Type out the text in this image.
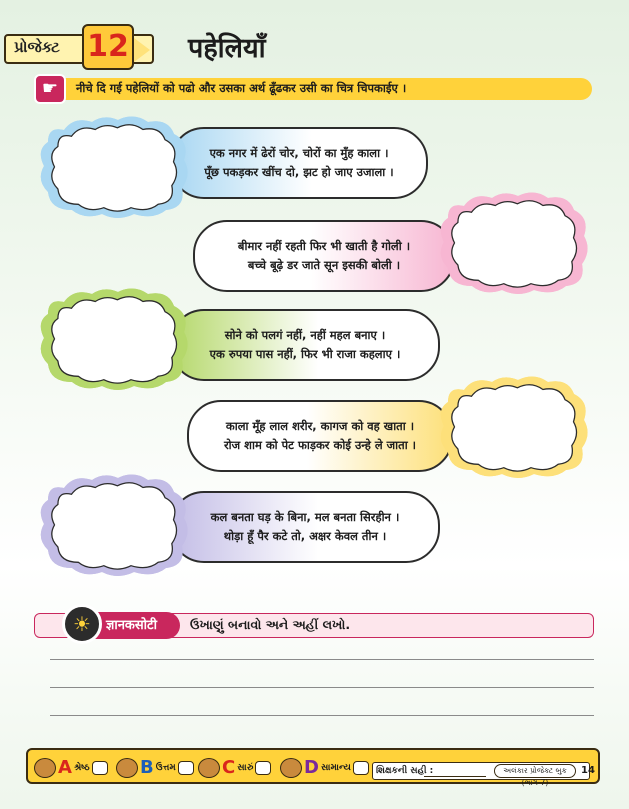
પ્રોજેક્ટ 12 पहेलियाँ
☛	नीचे दि गई पहेलियों को पढो और उसका अर्थ ढूँढकर उसी का चित्र चिपकाईए ।
एक नगर में ढेरों चोर, चोरों का मुँह काला ।
पूँछ पकड़कर खींच दो, झट हो जाए उजाला ।
बीमार नहीं रहती फिर भी खाती है गोली ।
बच्चे बूढ़े डर जाते सून इसकी बोली ।
सोने को पलगं नहीं, नहीं महल बनाए ।
एक रुपया पास नहीं, फिर भी राजा कहलाए ।
काला मूँह लाल शरीर, कागज को वह खाता ।
रोज शाम को पेट फाड़कर कोई उन्हे ले जाता ।
कल बनता घड़ के बिना, मल बनता सिरहीन ।
थोड़ा हूँ पैर कटे तो, अक्षर केवल तीन ।
ज्ञानकसोटी
☀	ઉખાણું બનાવો અને અહીં લખો.
A શ્રેષ્ઠ	B ઉત્તમ	C સારું	D સામાન્ય	શિક્ષકની સહી :	અલંકાર પ્રોજેક્ટ બુક (ભાગ-7)
14
